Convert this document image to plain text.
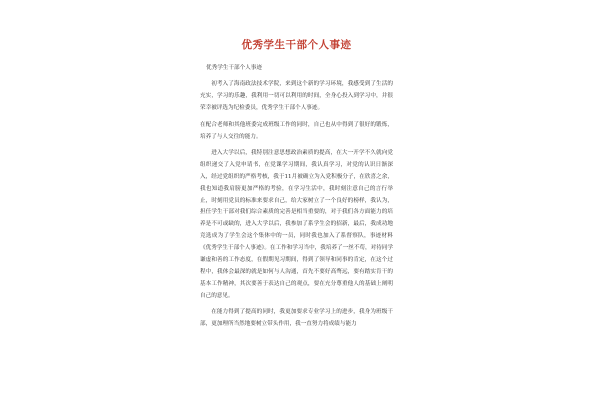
优秀学生干部个人事迹

优秀学生干部个人事迹

初考入了海南政法技术学院，来到这个新的学习环境，我感受到了生活的充实，学习的乐趣，我利用一切可以利用的时间，全身心投入到学习中，并很荣幸被评选为纪检委员，优秀学生干部个人事迹。

在配合老师和其他班委完成班级工作的同时，自己也从中得到了很好的锻炼，培养了与人交往的能力。

进入大学以后，我特别注意思想政治素质的提高，在大一开学不久就向党组织递交了入党申请书，在党课学习期间，我认真学习，对党的认识日渐深入，经过党组织的严格考核，我于11月被确立为入党积极分子，在欣喜之余，我也知道我肩膀更加严格的考验，在学习生活中，我时刻注意自己的言行举止，时刻用党员的标准来要求自己，给大家树立了一个良好的榜样，我认为，担任学生干部对我们综合素质的完善是相当重要的，对于我们各方面能力的培养是不可或缺的，进入大学以后，我参加了系学生会的招新，最后，我成功地竞选成为了学生会这个集体中的一员，同时我也加入了系督察队，事迹材料《优秀学生干部个人事迹》。在工作和学习当中，我培养了一丝不苟，对待同学谦虚和善的工作态度，在假期见习期间，得到了领导和同事的肯定，在这个过程中，我体会最深的就是如何与人沟通，首先不要好高骛远，要有踏实肯干的基本工作精神，其次要善于表达自己的观点，要在充分尊重他人的基础上阐明自己的意见。

在能力得到了提高的同时，我更加要求专业学习上的进步，我身为班级干部，更加理所当然地要树立带头作用，我一直努力将成绩与能力
